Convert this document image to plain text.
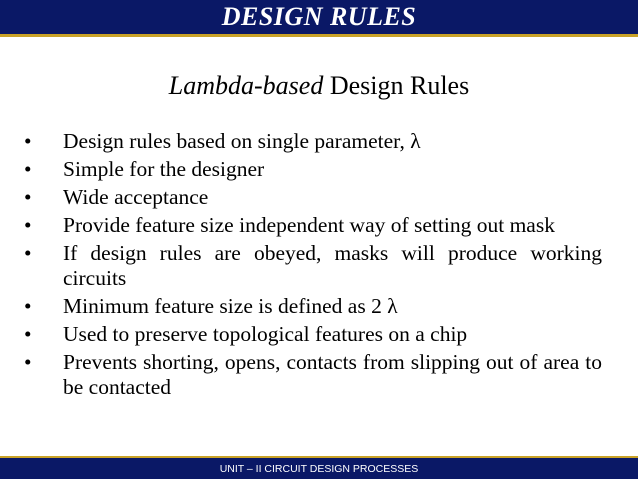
DESIGN RULES
Lambda-based Design Rules
• Design rules based on single parameter, λ
• Simple for the designer
• Wide acceptance
• Provide feature size independent way of setting out mask
• If design rules are obeyed, masks will produce working circuits
• Minimum feature size is defined as 2 λ
• Used to preserve topological features on a chip
• Prevents shorting, opens, contacts from slipping out of area to be contacted
UNIT – II CIRCUIT DESIGN PROCESSES
